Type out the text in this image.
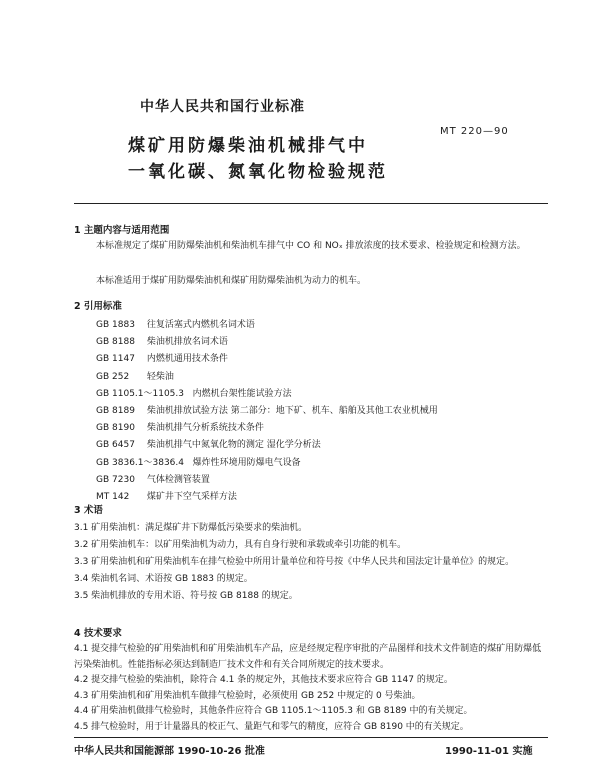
中华人民共和国行业标准
MT 220—90
煤矿用防爆柴油机械排气中
一氧化碳、氮氧化物检验规范
1 主题内容与适用范围
本标准规定了煤矿用防爆柴油机和柴油机车排气中 CO 和 NOₓ 排放浓度的技术要求、检验规定和检测方法。
本标准适用于煤矿用防爆柴油机和煤矿用防爆柴油机为动力的机车。
2 引用标准
GB 1883 往复活塞式内燃机名词术语
GB 8188 柴油机排放名词术语
GB 1147 内燃机通用技术条件
GB 252 轻柴油
GB 1105.1～1105.3 内燃机台架性能试验方法
GB 8189 柴油机排放试验方法 第二部分：地下矿、机车、船舶及其他工农业机械用
GB 8190 柴油机排气分析系统技术条件
GB 6457 柴油机排气中氮氧化物的测定 湿化学分析法
GB 3836.1～3836.4 爆炸性环境用防爆电气设备
GB 7230 气体检测管装置
MT 142 煤矿井下空气采样方法
3 术语
3.1 矿用柴油机：满足煤矿井下防爆低污染要求的柴油机。
3.2 矿用柴油机车：以矿用柴油机为动力，具有自身行驶和承载或牵引功能的机车。
3.3 矿用柴油机和矿用柴油机车在排气检验中所用计量单位和符号按《中华人民共和国法定计量单位》的规定。
3.4 柴油机名词、术语按 GB 1883 的规定。
3.5 柴油机排放的专用术语、符号按 GB 8188 的规定。
4 技术要求
4.1 提交排气检验的矿用柴油机和矿用柴油机车产品，应是经规定程序审批的产品图样和技术文件制造的煤矿用防爆低污染柴油机。性能指标必须达到制造厂技术文件和有关合同所规定的技术要求。
4.2 提交排气检验的柴油机，除符合 4.1 条的规定外，其他技术要求应符合 GB 1147 的规定。
4.3 矿用柴油机和矿用柴油机车做排气检验时，必须使用 GB 252 中规定的 0 号柴油。
4.4 矿用柴油机做排气检验时，其他条件应符合 GB 1105.1～1105.3 和 GB 8189 中的有关规定。
4.5 排气检验时，用于计量器具的校正气、量距气和零气的精度，应符合 GB 8190 中的有关规定。
中华人民共和国能源部 1990-10-26 批准	1990-11-01 实施
